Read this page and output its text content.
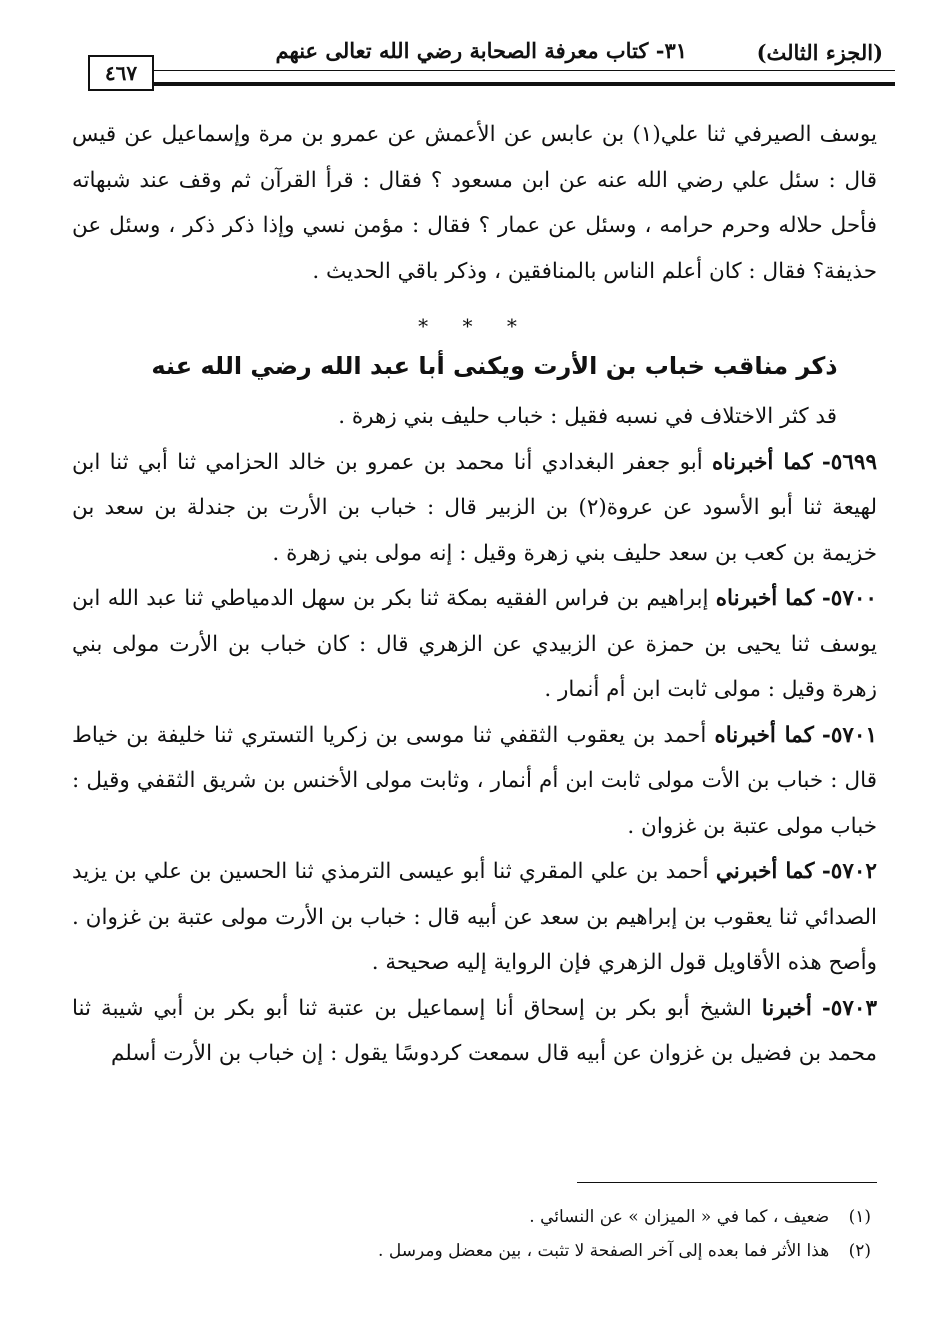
(الجزء الثالث)
٣١- كتاب معرفة الصحابة رضي الله تعالى عنهم
٤٦٧

يوسف الصيرفي ثنا علي(١) بن عابس عن الأعمش عن عمرو بن مرة وإسماعيل عن قيس قال : سئل علي رضي الله عنه عن ابن مسعود ؟ فقال : قرأ القرآن ثم وقف عند شبهاته فأحل حلاله وحرم حرامه ، وسئل عن عمار ؟ فقال : مؤمن نسي وإذا ذكر ذكر ، وسئل عن حذيفة؟ فقال : كان أعلم الناس بالمنافقين ، وذكر باقي الحديث .

* * *
ذكر مناقب خباب بن الأرت ويكنى أبا عبد الله رضي الله عنه

قد كثر الاختلاف في نسبه فقيل : خباب حليف بني زهرة .

٥٦٩٩- كما أخبرناه أبو جعفر البغدادي أنا محمد بن عمرو بن خالد الحزامي ثنا أبي ثنا ابن لهيعة ثنا أبو الأسود عن عروة(٢) بن الزبير قال : خباب بن الأرت بن جندلة بن سعد بن خزيمة بن كعب بن سعد حليف بني زهرة وقيل : إنه مولى بني زهرة .

٥٧٠٠- كما أخبرناه إبراهيم بن فراس الفقيه بمكة ثنا بكر بن سهل الدمياطي ثنا عبد الله ابن يوسف ثنا يحيى بن حمزة عن الزبيدي عن الزهري قال : كان خباب بن الأرت مولى بني زهرة وقيل : مولى ثابت ابن أم أنمار .

٥٧٠١- كما أخبرناه أحمد بن يعقوب الثقفي ثنا موسى بن زكريا التستري ثنا خليفة بن خياط قال : خباب بن الأت مولى ثابت ابن أم أنمار ، وثابت مولى الأخنس بن شريق الثقفي وقيل : خباب مولى عتبة بن غزوان .

٥٧٠٢- كما أخبرني أحمد بن علي المقري ثنا أبو عيسى الترمذي ثنا الحسين بن علي بن يزيد الصدائي ثنا يعقوب بن إبراهيم بن سعد عن أبيه قال : خباب بن الأرت مولى عتبة بن غزوان . وأصح هذه الأقاويل قول الزهري فإن الرواية إليه صحيحة .

٥٧٠٣- أخبرنا الشيخ أبو بكر بن إسحاق أنا إسماعيل بن عتبة ثنا أبو بكر بن أبي شيبة ثنا محمد بن فضيل بن غزوان عن أبيه قال سمعت كردوسًا يقول : إن خباب بن الأرت أسلم

(١) ضعيف ، كما في « الميزان » عن النسائي .

(٢) هذا الأثر فما بعده إلى آخر الصفحة لا تثبت ، بين معضل ومرسل .
